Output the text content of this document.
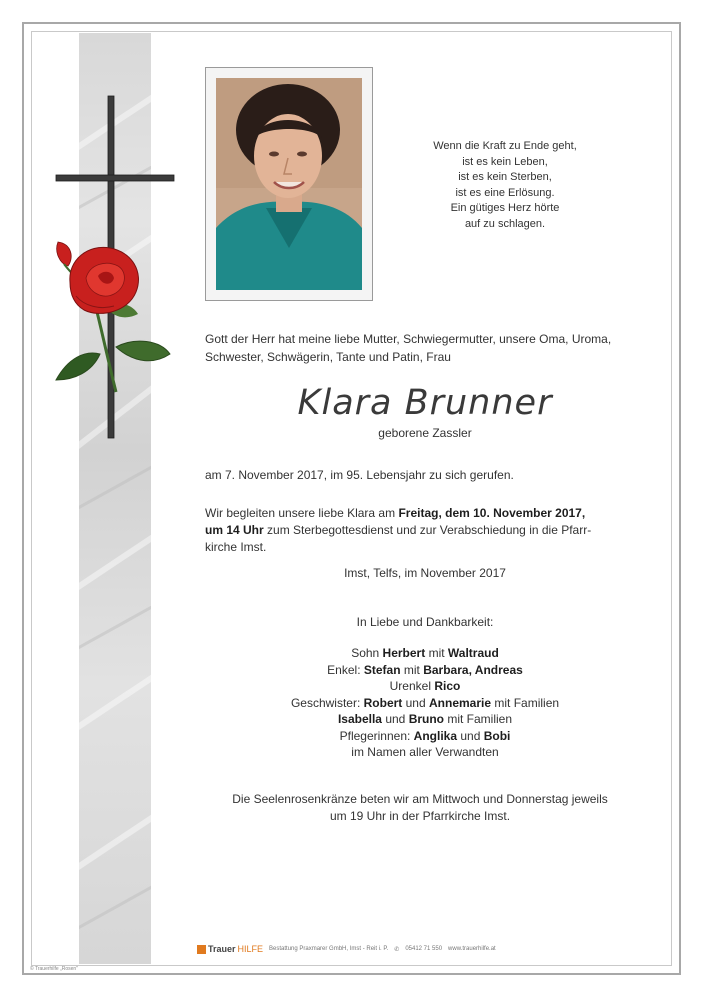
Wenn die Kraft zu Ende geht,
ist es kein Leben,
ist es kein Sterben,
ist es eine Erlösung.
Ein gütiges Herz hörte
auf zu schlagen.
Gott der Herr hat meine liebe Mutter, Schwiegermutter, unsere Oma, Uroma, Schwester, Schwägerin, Tante und Patin, Frau
Klara Brunner
geborene Zassler
am 7. November 2017, im 95. Lebensjahr zu sich gerufen.
Wir begleiten unsere liebe Klara am Freitag, dem 10. November 2017,
um 14 Uhr zum Sterbegottesdienst und zur Verabschiedung in die Pfarr-
kirche Imst.
Imst, Telfs, im November 2017
In Liebe und Dankbarkeit:
Sohn Herbert mit Waltraud
Enkel: Stefan mit Barbara, Andreas
Urenkel Rico
Geschwister: Robert und Annemarie mit Familien
Isabella und Bruno mit Familien
Pflegerinnen: Anglika und Bobi
im Namen aller Verwandten
Die Seelenrosenkränze beten wir am Mittwoch und Donnerstag jeweils
um 19 Uhr in der Pfarrkirche Imst.
Trauer HILFE Bestattung Praxmarer GmbH, Imst - Reit i. P. ✆ 05412 71 550 www.trauerhilfe.at
© Trauerhilfe „Rosen"
